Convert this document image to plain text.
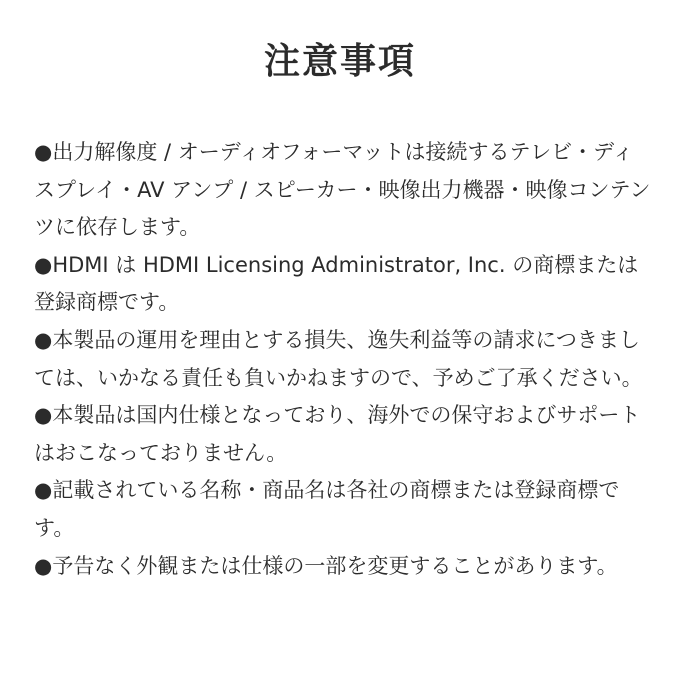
注意事項
●出力解像度 / オーディオフォーマットは接続するテレビ・ディスプレイ・AV アンプ / スピーカー・映像出力機器・映像コンテンツに依存します。
●HDMI は HDMI Licensing Administrator, Inc. の商標または登録商標です。
●本製品の運用を理由とする損失、逸失利益等の請求につきましては、いかなる責任も負いかねますので、予めご了承ください。
●本製品は国内仕様となっており、海外での保守およびサポートはおこなっておりません。
●記載されている名称・商品名は各社の商標または登録商標です。
●予告なく外観または仕様の一部を変更することがあります。
